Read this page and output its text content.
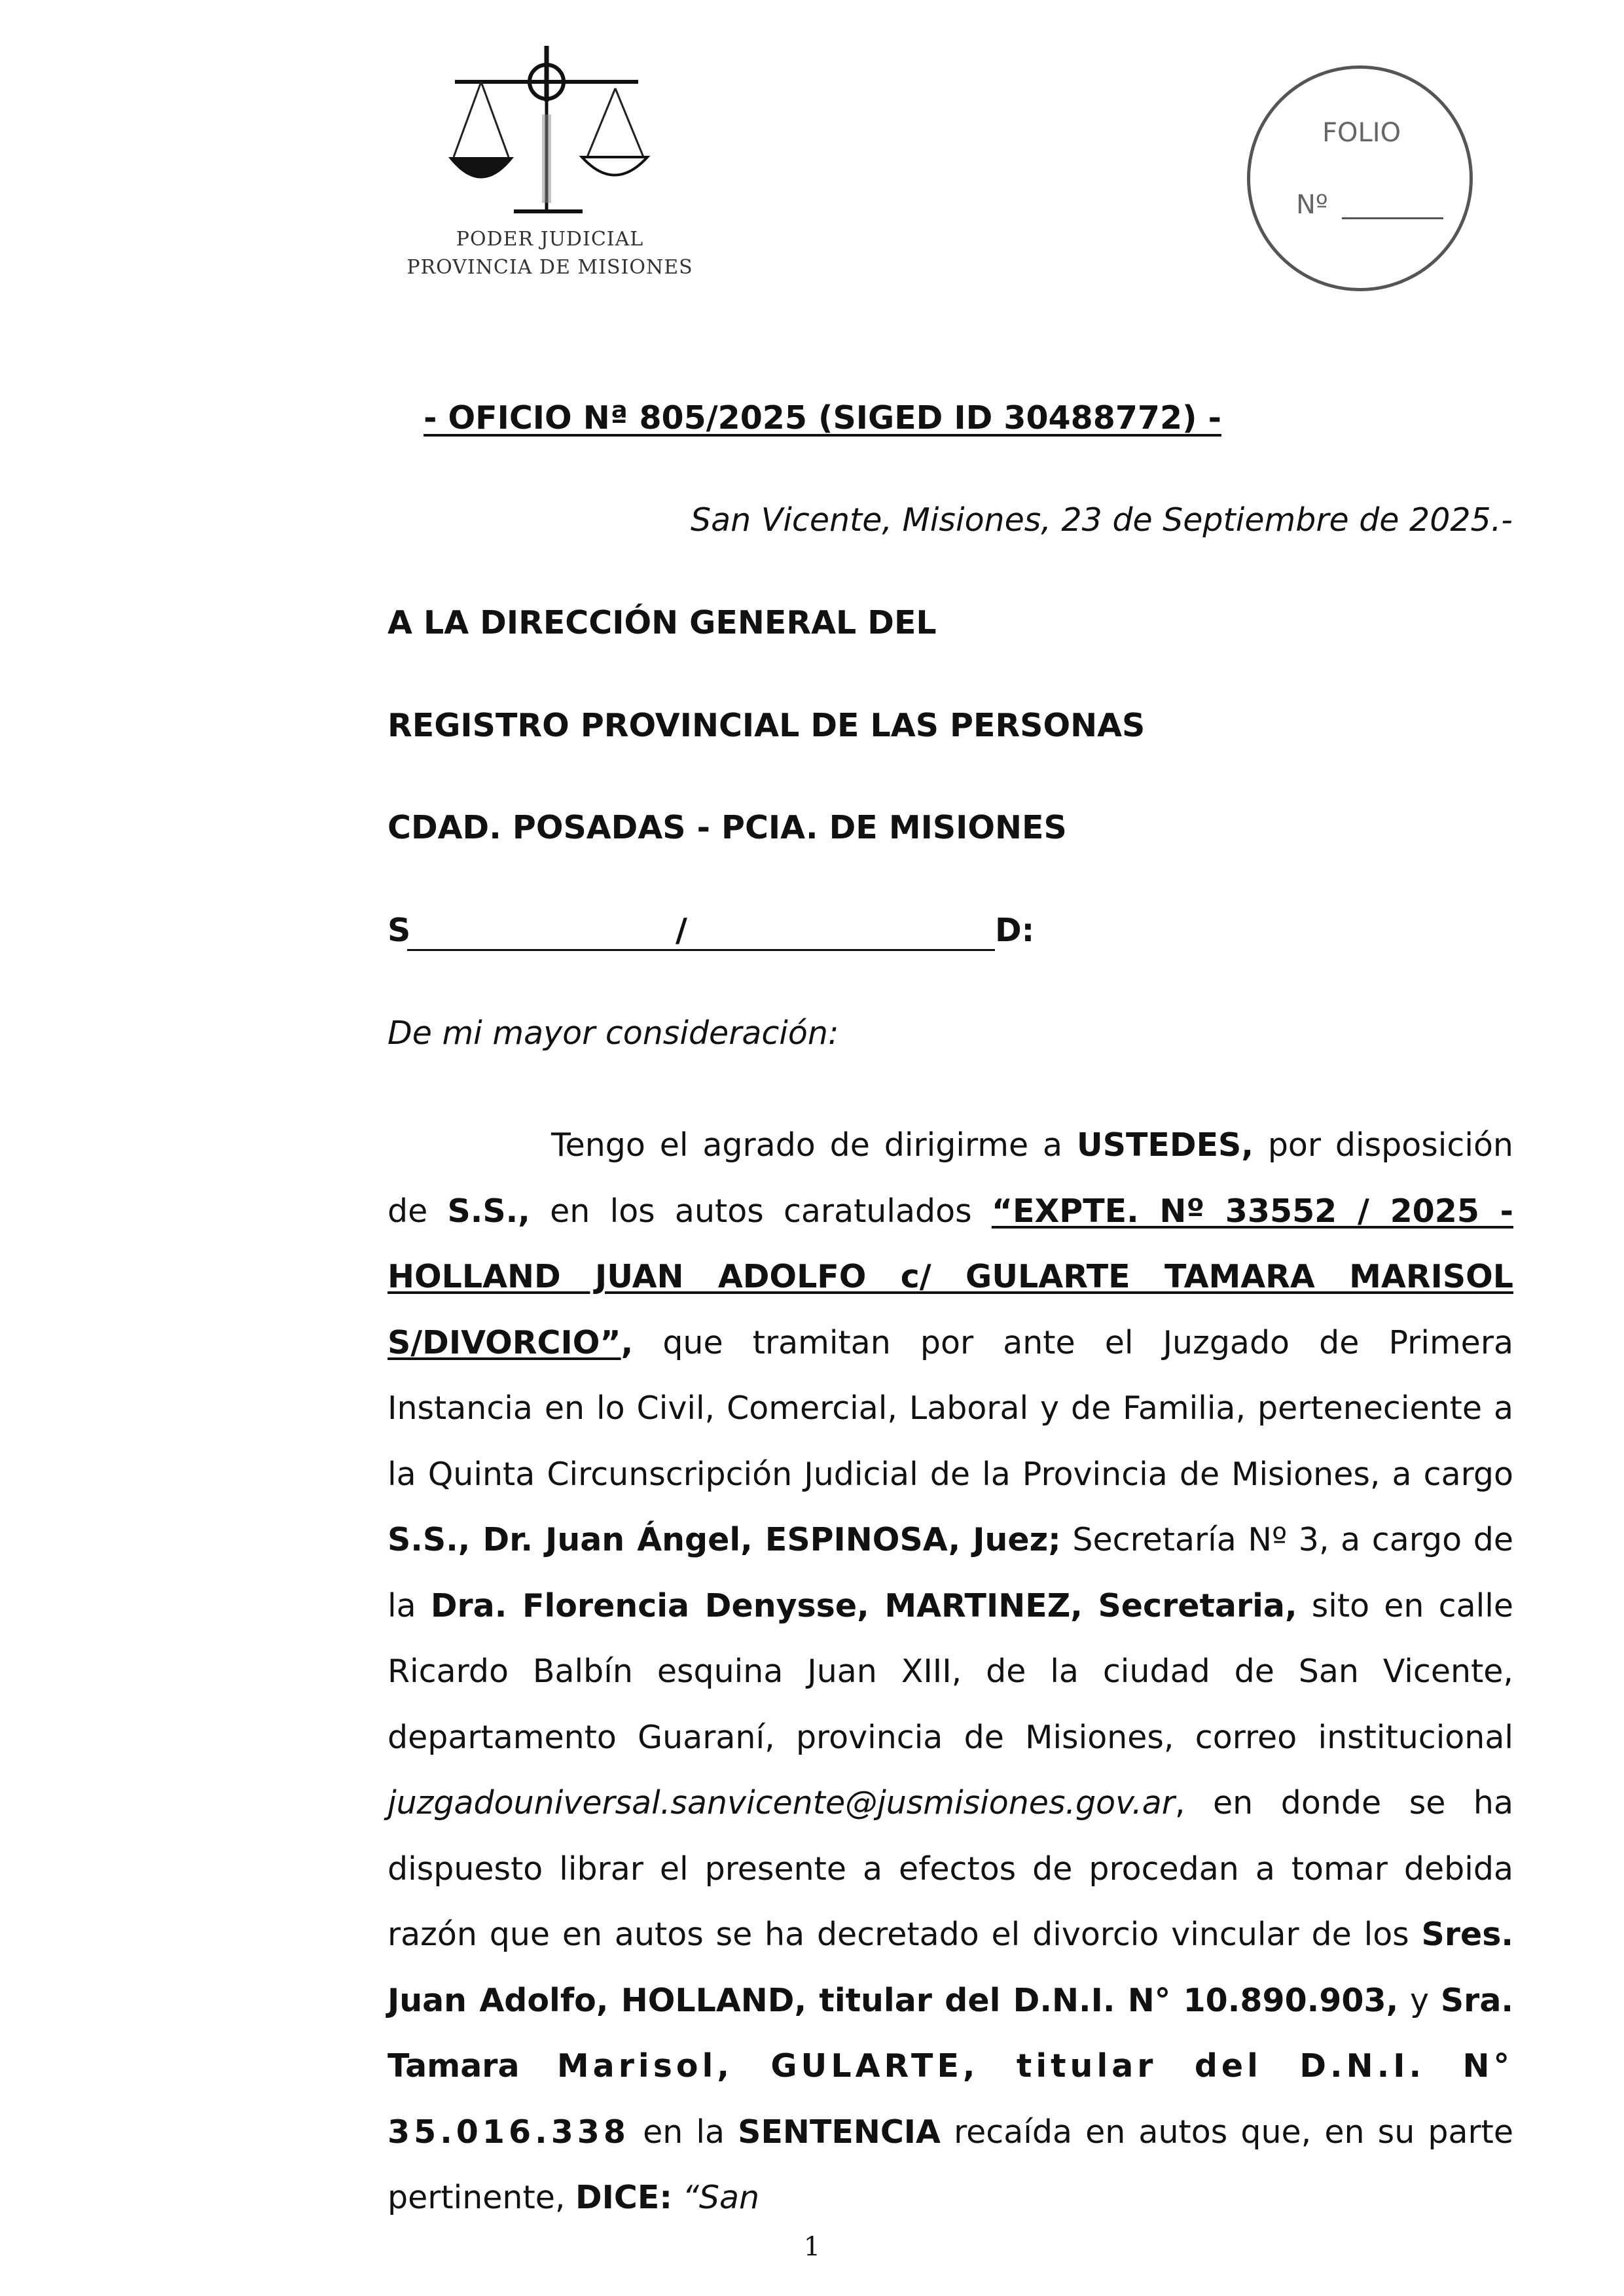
PODER JUDICIAL
PROVINCIA DE MISIONES
FOLIO
Nº
- OFICIO Nª 805/2025 (SIGED ID 30488772) -
San Vicente, Misiones, 23 de Septiembre de 2025.-
A LA DIRECCIÓN GENERAL DEL
REGISTRO PROVINCIAL DE LAS PERSONAS
CDAD. POSADAS - PCIA. DE MISIONES
S	/	D:
De mi mayor consideración:

Tengo el agrado de dirigirme a USTEDES, por disposición de S.S., en los autos caratulados “EXPTE. Nº 33552 / 2025 - HOLLAND JUAN ADOLFO c/ GULARTE TAMARA MARISOL S/DIVORCIO”, que tramitan por ante el Juzgado de Primera Instancia en lo Civil, Comercial, Laboral y de Familia, perteneciente a la Quinta Circunscripción Judicial de la Provincia de Misiones, a cargo S.S., Dr. Juan Ángel, ESPINOSA, Juez; Secretaría Nº 3, a cargo de la Dra. Florencia Denysse, MARTINEZ, Secretaria, sito en calle Ricardo Balbín esquina Juan XIII, de la ciudad de San Vicente, departamento Guaraní, provincia de Misiones, correo institucional juzgadouniversal.sanvicente@jusmisiones.gov.ar, en donde se ha dispuesto librar el presente a efectos de procedan a tomar debida razón que en autos se ha decretado el divorcio vincular de los Sres. Juan Adolfo, HOLLAND, titular del D.N.I. N° 10.890.903, y Sra. Tamara Marisol, GULARTE, titular del D.N.I. N° 35.016.338 en la SENTENCIA recaída en autos que, en su parte pertinente, DICE: “San

1
